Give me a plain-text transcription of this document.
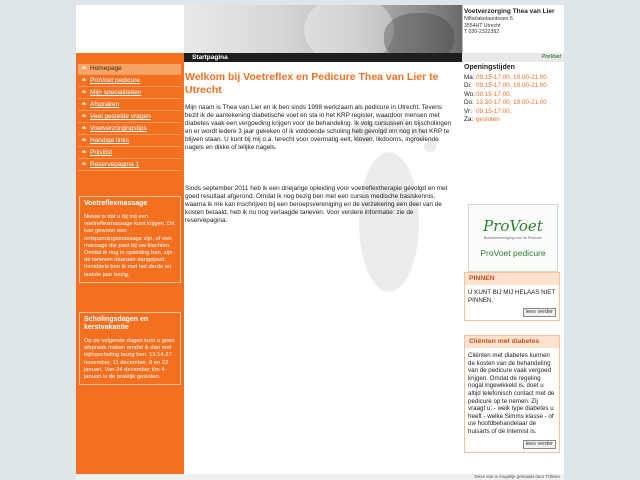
Voetverzorging Thea van Lier
Niftarlakelaantsoen 6
3554HT Utrecht
T 030-2322392
Startpagina	ProVoet
❧ Homepage
❧ ProVoet pedicure
❧ Mijn specialiteiten
❧ Afspraken
❧ Veel gestelde vragen
❧ Voetverzorgingstips
❧ Handige links
❧ Prijslijst
❧ Reservepagina 1
Voetreflexmassage
Nieuw is dat u bij mij een voetreflexmassage kunt krijgen. Dit kan gewoon een ontspanningsmassage zijn, of een massage die past bij uw klachten. Omdat ik nog in opleiding ben, zijn de tarieven daaraan aangepast. Inmiddels ben ik met het derde en laatste jaar bezig.
Scholingsdagen en kerstvakantie
Op de volgende dagen kunt u geen afspraak maken omdat ik dan met bij/nascholing bezig ben: 13,14,27 november, 11 december, 8 en 22 januari. Van 24 december t/m 4 januari is de praktijk gesloten.
Welkom bij Voetreflex en Pedicure Thea van Lier te Utrecht

Mijn naam is Thea van Lier en ik ben sinds 1998 werkzaam als pedicure in Utrecht. Tevens bezit ik de aantekening diabetische voet en sta in het KRP register, waardoor mensen met diabetes vaak een vergoeding krijgen voor de behandeling. Ik volg cursussen en bijscholingen en er wordt iedere 3 jaar gekeken of ik voldoende scholing heb gevolgd om nog in het KRP te blijven staan. U kunt bij mij o.a. terecht voor overmatig eelt, kloven, likdoorns, ingroeiende nagels en dikke of lelijke nagels.

Sinds september 2011 heb ik een driejarige opleiding voor voetreflextherapie gevolgd en met goed resultaat afgerond. Omdat ik nog bezig ben met een cursus medische basiskennis, waarna ik me kan inschrijven bij een beroepsvereniging en de verzekering een deel van de kosten betaald, heb ik nu nog verlaagde tarieven. Voor verdere informatie: zie de reservepagina.

Openingstijden
Ma: 09.15-17.00, 19.00-21.00
Di: 09.15-17.00, 19.00-21.00
Wo: 09.15-17.00,
Do: 13.30-17.00, 19.00-21.00
Vr: 09.15-17.00,
Za: gesloten
ProVoet
Branchevereniging voor de Pedicure
ProVoet pedicure
PINNEN
U KUNT BIJ MIJ HELAAS NIET PINNEN.
lees verder
Cliënten met diabetes
Cliënten met diabetes kunnen de kosten van de behandeling van de pedicure vaak vergoed krijgen. Omdat de regeling nogal ingewikkeld is, doet u altijd telefonisch contact met de pedicure op te nemen. Zij vraagt u: - welk type diabetes u heeft - welke Simms klasse - of uw hoofdbehandelaar de huisarts of de internist is.
lees verder
Deze site is mogelijk gemaakt door Trilleen
